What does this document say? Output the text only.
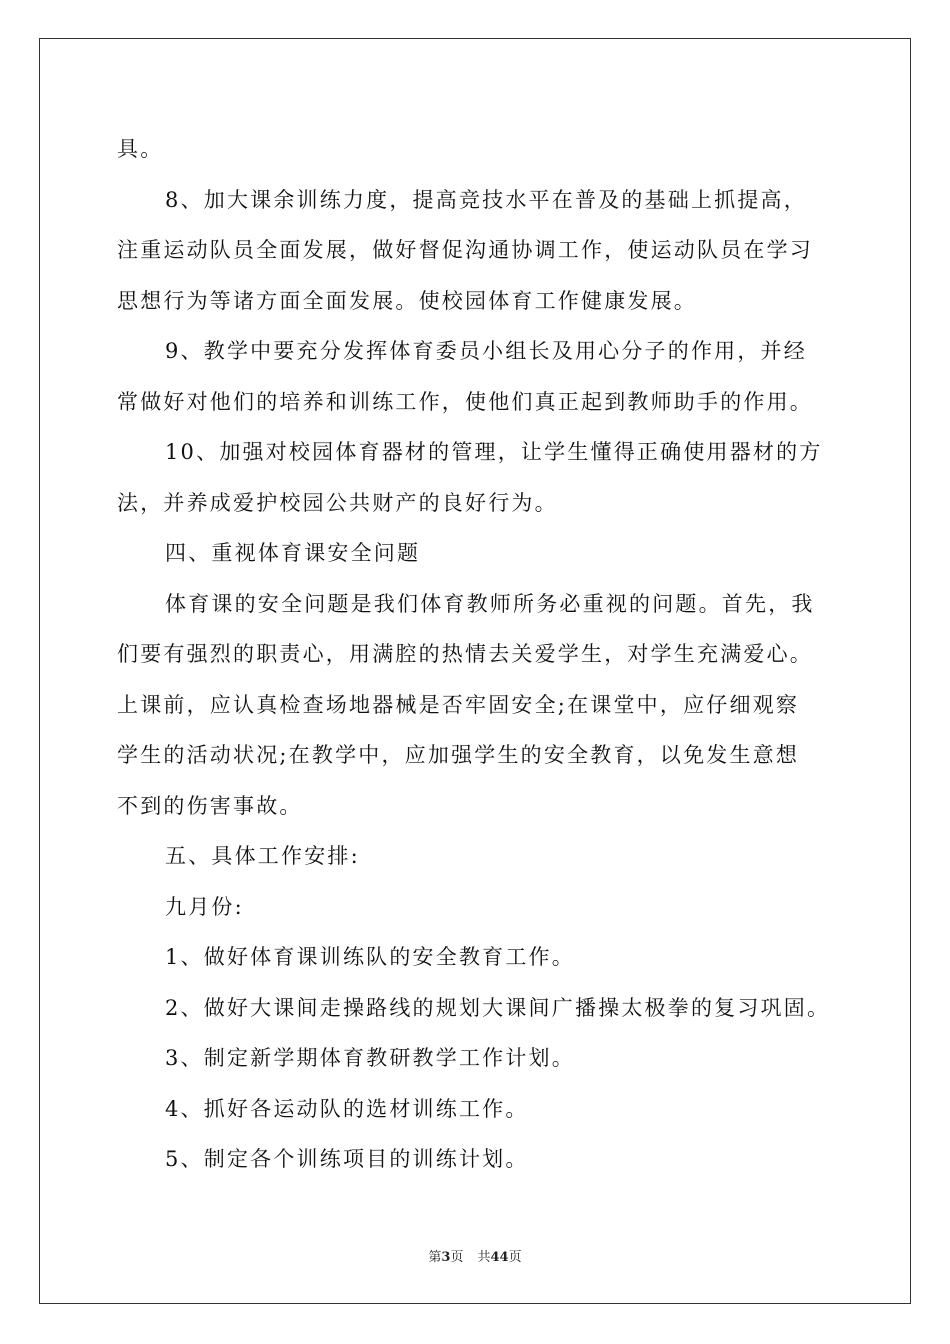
具。
8、加大课余训练力度，提高竞技水平在普及的基础上抓提高，
注重运动队员全面发展，做好督促沟通协调工作，使运动队员在学习
思想行为等诸方面全面发展。使校园体育工作健康发展。
9、教学中要充分发挥体育委员小组长及用心分子的作用，并经
常做好对他们的培养和训练工作，使他们真正起到教师助手的作用。
10、加强对校园体育器材的管理，让学生懂得正确使用器材的方
法，并养成爱护校园公共财产的良好行为。
四、重视体育课安全问题
体育课的安全问题是我们体育教师所务必重视的问题。首先，我
们要有强烈的职责心，用满腔的热情去关爱学生，对学生充满爱心。
上课前，应认真检查场地器械是否牢固安全;在课堂中，应仔细观察
学生的活动状况;在教学中，应加强学生的安全教育，以免发生意想
不到的伤害事故。
五、具体工作安排:
九月份:
1、做好体育课训练队的安全教育工作。
2、做好大课间走操路线的规划大课间广播操太极拳的复习巩固。
3、制定新学期体育教研教学工作计划。
4、抓好各运动队的选材训练工作。
5、制定各个训练项目的训练计划。
第3页 共44页
